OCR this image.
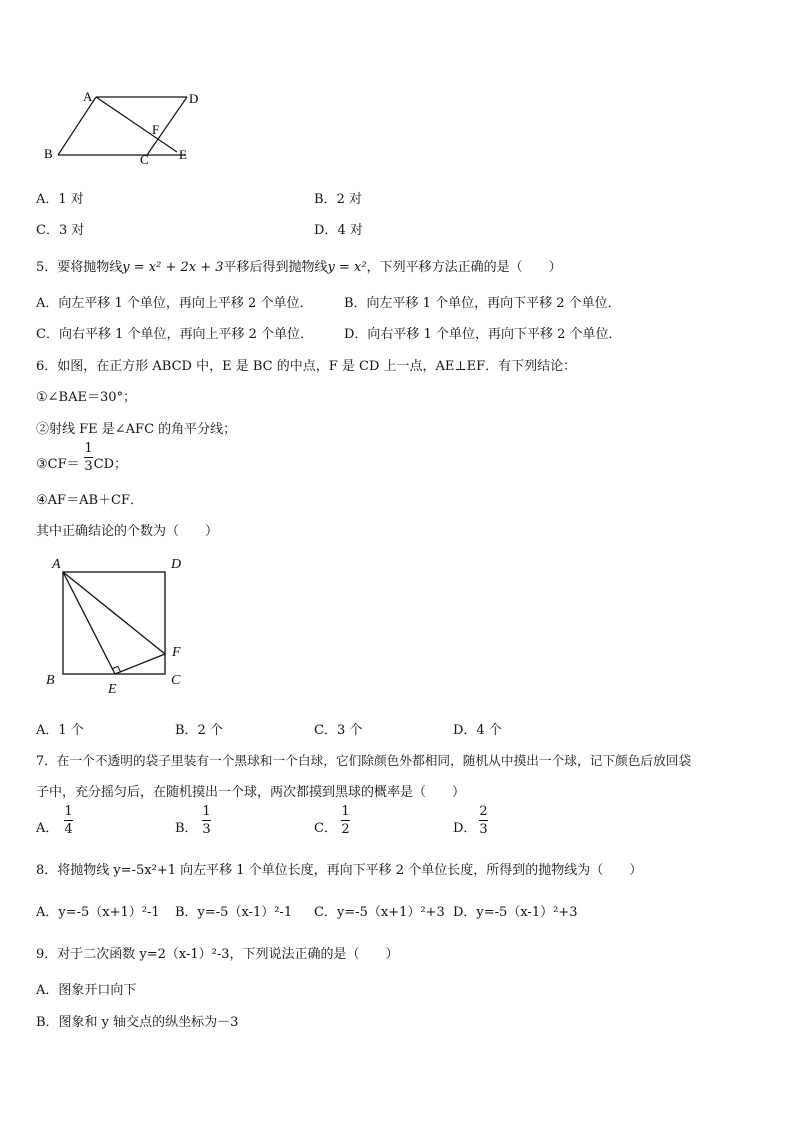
A	D
F
B	C E
A．1 对	B．2 对
C．3 对	D．4 对
5．要将抛物线y = x² + 2x + 3平移后得到抛物线y = x²，下列平移方法正确的是（　　）
A．向左平移 1 个单位，再向上平移 2 个单位． B．向左平移 1 个单位，再向下平移 2 个单位．
C．向右平移 1 个单位，再向上平移 2 个单位． D．向右平移 1 个单位，再向下平移 2 个单位．
6．如图，在正方形 ABCD 中，E 是 BC 的中点，F 是 CD 上一点，AE⊥EF．有下列结论：
①∠BAE＝30°；
②射线 FE 是∠AFC 的角平分线；
③CF＝ CD；
1
3
④AF＝AB＋CF．
其中正确结论的个数为（　　）
A	D
F
B
E
C
A．1 个	B．2 个	C．3 个	D．4 个
7．在一个不透明的袋子里装有一个黑球和一个白球，它们除颜色外都相同，随机从中摸出一个球，记下颜色后放回袋
子中，充分摇匀后，在随机摸出一个球，两次都摸到黑球的概率是（　　）
A．
1
4	B．
1
3	C．
1
2	D．
2
3
8．将抛物线 y=-5x²+1 向左平移 1 个单位长度，再向下平移 2 个单位长度，所得到的抛物线为（　　）
A．y=-5（x+1）²-1 B．y=-5（x-1）²-1 C．y=-5（x+1）²+3 D．y=-5（x-1）²+3
9．对于二次函数 y=2（x-1）²-3，下列说法正确的是（　　）
A．图象开口向下
B．图象和 y 轴交点的纵坐标为－3
